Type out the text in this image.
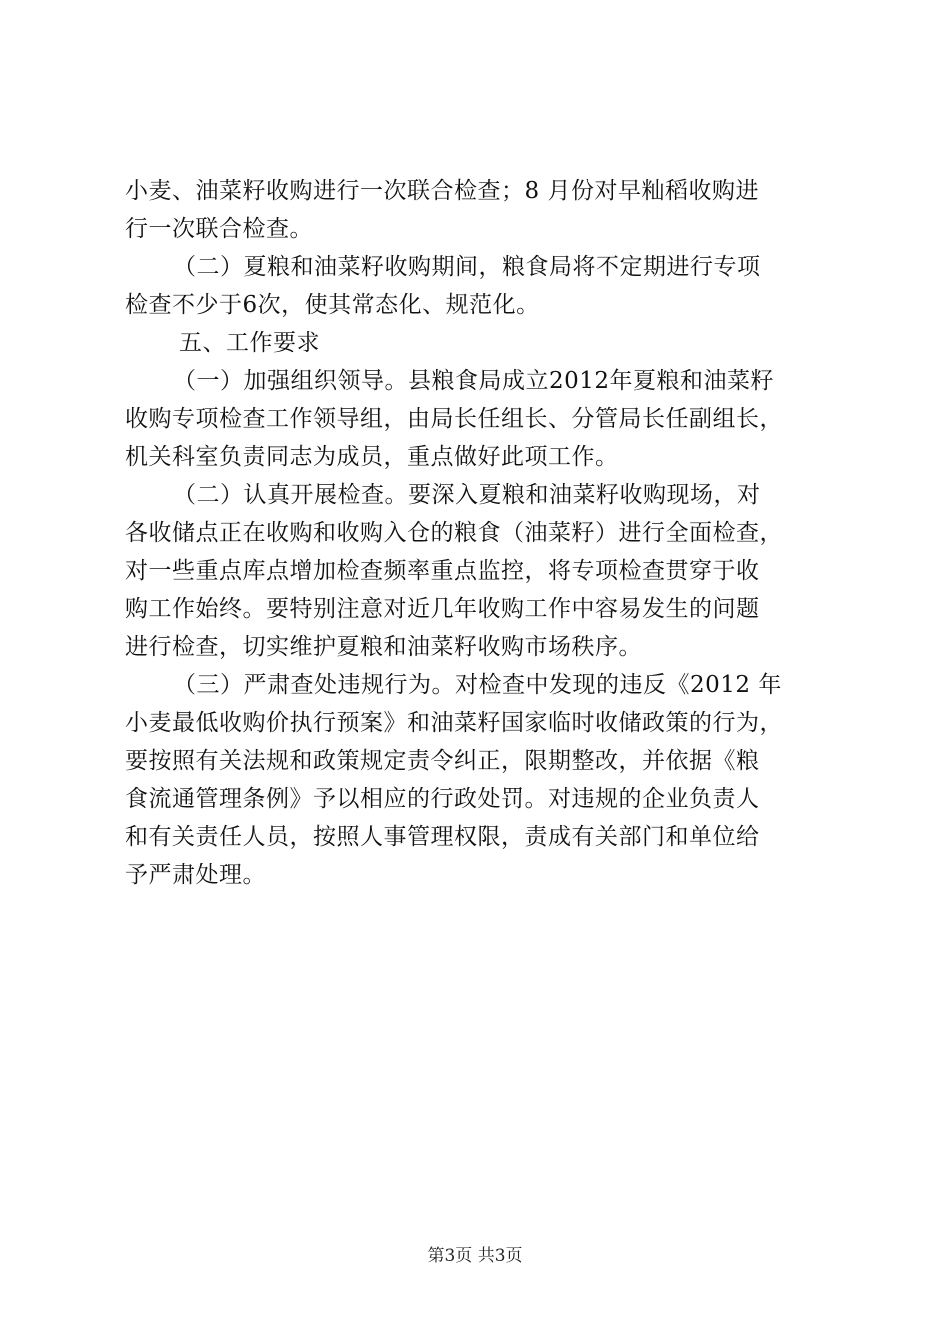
小麦、油菜籽收购进行一次联合检查；8 月份对早籼稻收购进
行一次联合检查。
（二）夏粮和油菜籽收购期间，粮食局将不定期进行专项
检查不少于6次，使其常态化、规范化。
五、工作要求
（一）加强组织领导。县粮食局成立2012年夏粮和油菜籽
收购专项检查工作领导组，由局长任组长、分管局长任副组长，
机关科室负责同志为成员，重点做好此项工作。
（二）认真开展检查。要深入夏粮和油菜籽收购现场，对
各收储点正在收购和收购入仓的粮食（油菜籽）进行全面检查，
对一些重点库点增加检查频率重点监控，将专项检查贯穿于收
购工作始终。要特别注意对近几年收购工作中容易发生的问题
进行检查，切实维护夏粮和油菜籽收购市场秩序。
（三）严肃查处违规行为。对检查中发现的违反《2012 年
小麦最低收购价执行预案》和油菜籽国家临时收储政策的行为，
要按照有关法规和政策规定责令纠正，限期整改，并依据《粮
食流通管理条例》予以相应的行政处罚。对违规的企业负责人
和有关责任人员，按照人事管理权限，责成有关部门和单位给
予严肃处理。
第3页 共3页
